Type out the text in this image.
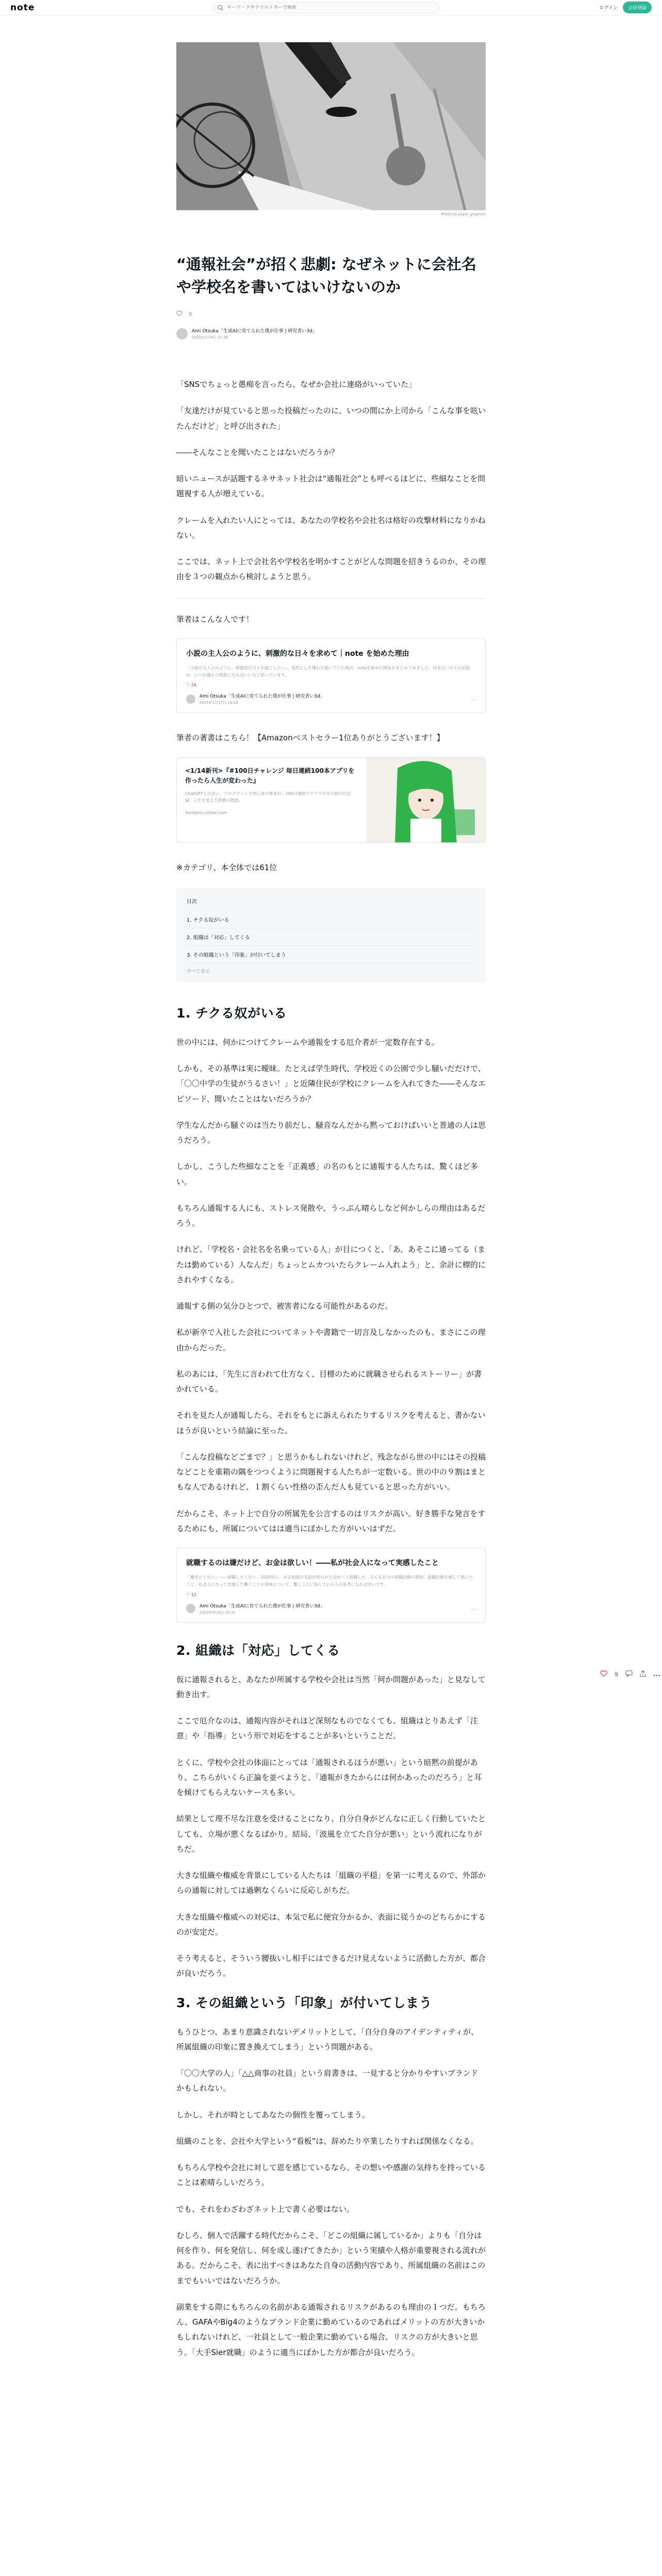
note
キーワードやクリエイターで検索	ログイン	会員登録
Photo by papei_graphert
“通報社会”が招く悲劇: なぜネットに会社名や学校名を書いてはいけないのか
9
Ami Otsuka「生成AIに育てられた僕が仕事 | 研究者い3d」
2025年2月6日 17:26

「SNSでちょっと愚痴を言ったら、なぜか会社に連絡がいっていた」

「友達だけが見ていると思った投稿だったのに、いつの間にか上司から「こんな事を呟いたんだけど」と呼び出された」

――そんなことを聞いたことはないだろうか？

暗いニュースが話題するネサネット社会は“通報社会”とも呼べるほどに、些細なことを問題視する人が増えている。

クレームを入れたい人にとっては、あなたの学校名や会社名は格好の攻撃材料になりかねない。

ここでは、ネット上で会社名や学校名を明かすことがどんな問題を招きうるのか、その理由を３つの観点から検討しようと思う。

筆者はこんな人です！

小説の主人公のように、刺激的な日々を求めて｜note を始めた理由
「小説の主人公のように、刺激的な日々を過ごしたい」。漠然とした憧れを抱いていた僕が、noteを始めた理由をまとめてみました。何気ない日々の記録が、いつか誰かの物語になればいいなと思っています。
♡ 24
Ami Otsuka「生成AIに育てられた僕が仕事 | 研究者い3d」
2025年1月17日 18:38
…

筆者の著書はこちら！【Amazonベストセラー1位ありがとうございます！】

<1/14新刊>『#100日チャレンジ 毎日連続100本アプリを作ったら人生が変わった』
ChatGPTと出会い、プログラミング初心者の筆者が、100日連続でアプリを作り続けた記録。人生を変えた挑戦の物語。
bookplus.nikkei.com

※カテゴリ、本全体では61位

目次
1. チクる奴がいる
2. 組織は「対応」してくる
3. その組織という「印象」が付いてしまう
すべて表示
1. チクる奴がいる

世の中には、何かにつけてクレームや通報をする厄介者が一定数存在する。

しかも、その基準は実に曖昧。たとえば学生時代、学校近くの公園で少し騒いだだけで、「〇〇中学の生徒がうるさい！」と近隣住民が学校にクレームを入れてきた――そんなエピソード、聞いたことはないだろうか？

学生なんだから騒ぐのは当たり前だし、騒音なんだから黙っておけばいいと普通の人は思うだろう。

しかし、こうした些細なことを「正義感」の名のもとに通報する人たちは、驚くほど多い。

もちろん通報する人にも、ストレス発散や、うっぷん晴らしなど何かしらの理由はあるだろう。

けれど、「学校名・会社名を名乗っている人」が目につくと、「あ、あそこに通ってる（または勤めている）人なんだ」ちょっとムカついたらクレーム入れよう」と、余計に標的にされやすくなる。

通報する側の気分ひとつで、被害者になる可能性があるのだ。

私が新卒で入社した会社についてネットや書籍で一切言及しなかったのも、まさにこの理由からだった。

私のあには、「先生に言われて仕方なく、目標のために就職させられるストーリー」が書かれている。

それを見た人が通報したら、それをもとに訴えられたりするリスクを考えると、書かないほうが良いという結論に至った。

「こんな投稿などごまで？」と思うかもしれないけれど、残念ながら世の中にはその投稿などことを重箱の隅をつつくように問題視する人たちが一定数いる。世の中の９割はまともな人であるけれど、１割くらい性格の歪んだ人も見ていると思った方がいい。

だからこそ、ネット上で自分の所属先を公言するのはリスクが高い。好き勝手な発言をするためにも、所属についてはは適当にぼかした方がいいはずだ。

就職するのは嫌だけど、お金は欲しい！――私が社会人になって実感したこと
「働きたくない」――就職したくない。2020年に、ある程度の名前が知られた会社へと就職した、そんな自分の就職活動の物語。就職活動を通して感じたこと、社会人になって実感した働くことの意味について、働くことに悩んでいる人の参考になれば幸いです。
♡ 12
Ami Otsuka「生成AIに育てられた僕が仕事 | 研究者い3d」
2023年8月8日 20:21
…
2. 組織は「対応」してくる

仮に通報されると、あなたが所属する学校や会社は当然「何か問題があった」と見なして動き出す。

ここで厄介なのは、通報内容がそれほど深刻なものでなくても、組織はとりあえず「注意」や「指導」という形で対応をすることが多いということだ。

とくに、学校や会社の体面にとっては「通報されるほうが悪い」という暗黙の前提があり、こちらがいくら正論を並べようと、「通報がきたからには何かあったのだろう」と耳を傾けてもらえないケースも多い。

結果として理不尽な注意を受けることになり、自分自身がどんなに正しく行動していたとしても、立場が悪くなるばかり。結局、「波風を立てた自分が悪い」という流れになりがちだ。

大きな組織や権威を背景にしている人たちは「組織の平穏」を第一に考えるので、外部からの通報に対しては過剰なくらいに反応しがちだ。

大きな組織や権威への対応は、本気で私に便宜分かるか、表面に従うかのどちらかにするのが安定だ。

そう考えると、そういう腰抜いし相手にはできるだけ見えないように活動した方が、都合が良いだろう。

3. その組織という「印象」が付いてしまう

もうひとつ、あまり意識されないデメリットとして、「自分自身のアイデンティティが、所属組織の印象に置き換えてしまう」という問題がある。

「〇〇大学の人」「△△商事の社員」という肩書きは、一見すると分かりやすいブランドかもしれない。

しかし、それが時としてあなたの個性を覆ってしまう。

組織のことを、会社や大学という“看板”は、辞めたり卒業したりすれば関係なくなる。

もちろん学校や会社に対して恩を感じているなら、その想いや感謝の気持ちを持っていることは素晴らしいだろう。

でも、それをわざわざネット上で書く必要はない。

むしろ、個人で活躍する時代だからこそ、「どこの組織に属しているか」よりも「自分は何を作り、何を発信し、何を成し遂げてきたか」という実績や人格が重要視される流れがある。だからこそ、表に出すべきはあなた自身の活動内容であり、所属組織の名前はこのまでもいいではないだろうか。

副業をする際にもちろんの名前がある通報されるリスクがあるのも理由の１つだ。もちろん、GAFAやBig4のようなブランド企業に勤めているのであればメリットの方が大きいかもしれないけれど、一社員として一般企業に勤めている場合、リスクの方が大きいと思う。「大手Sier就職」のように適当にぼかした方が都合が良いだろう。

9
